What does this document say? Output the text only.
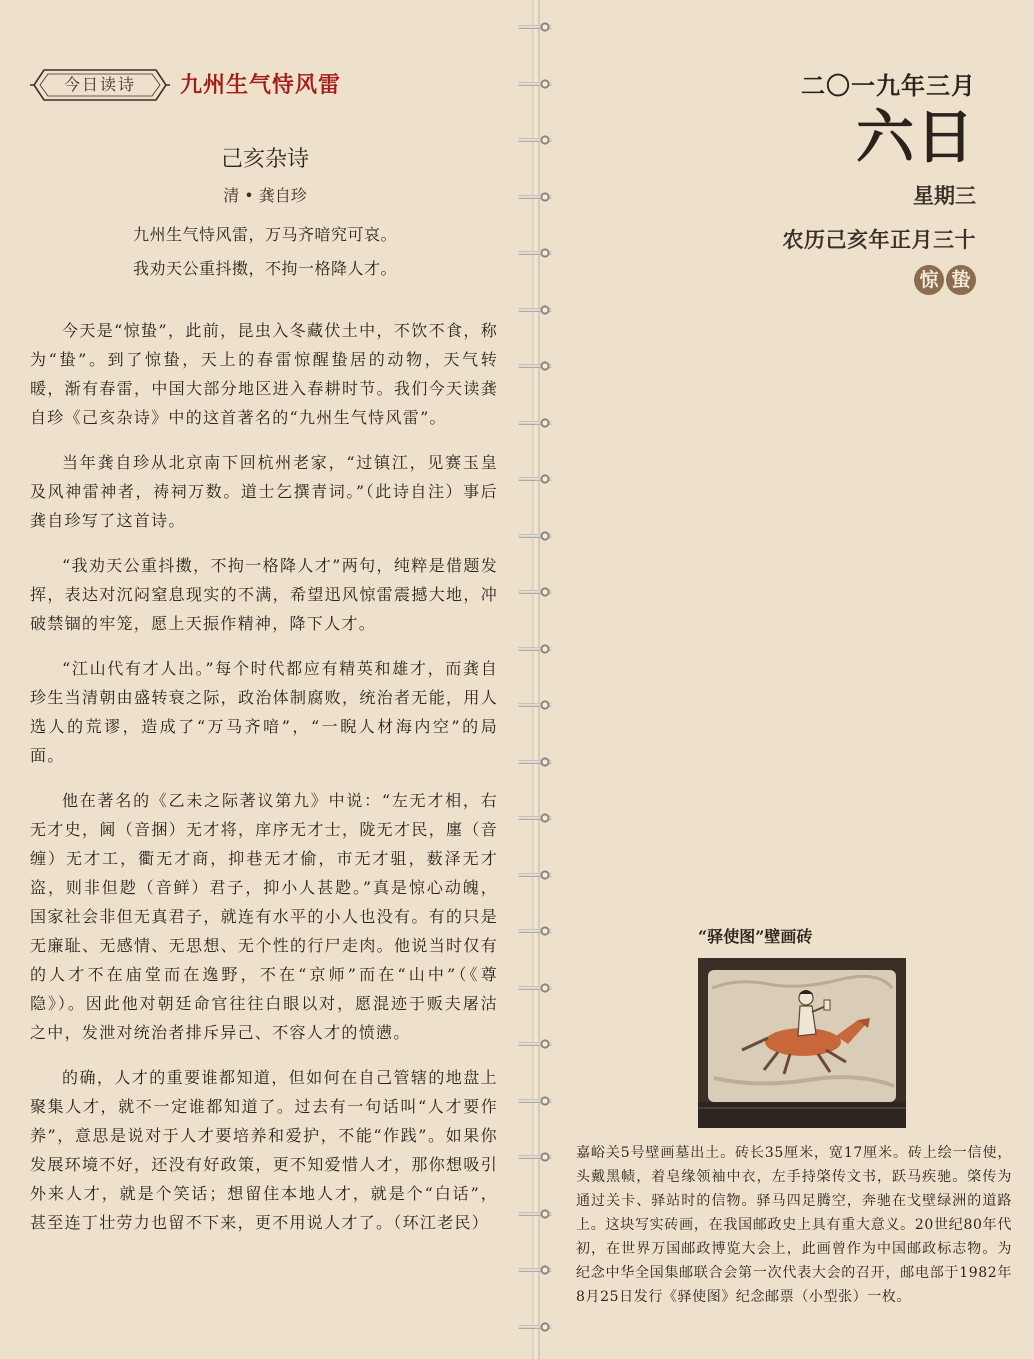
今日读诗	九州生气恃风雷
己亥杂诗
清 • 龚自珍
九州生气恃风雷，万马齐喑究可哀。
我劝天公重抖擞，不拘一格降人才。

今天是“惊蛰”，此前，昆虫入冬藏伏土中，不饮不食，称为“蛰”。到了惊蛰，天上的春雷惊醒蛰居的动物，天气转暖，渐有春雷，中国大部分地区进入春耕时节。我们今天读龚自珍《己亥杂诗》中的这首著名的“九州生气恃风雷”。

当年龚自珍从北京南下回杭州老家，“过镇江，见赛玉皇及风神雷神者，祷祠万数。道士乞撰青词。”（此诗自注）事后龚自珍写了这首诗。

“我劝天公重抖擞，不拘一格降人才”两句，纯粹是借题发挥，表达对沉闷窒息现实的不满，希望迅风惊雷震撼大地，冲破禁锢的牢笼，愿上天振作精神，降下人才。

“江山代有才人出。”每个时代都应有精英和雄才，而龚自珍生当清朝由盛转衰之际，政治体制腐败，统治者无能，用人选人的荒谬，造成了“万马齐喑”，“一睨人材海内空”的局面。

他在著名的《乙未之际著议第九》中说：“左无才相，右无才史，阃（音捆）无才将，庠序无才士，陇无才民，廛（音缠）无才工，衢无才商，抑巷无才偷，市无才驵，薮泽无才盗，则非但尟（音鲜）君子，抑小人甚尟。”真是惊心动魄，国家社会非但无真君子，就连有水平的小人也没有。有的只是无廉耻、无感情、无思想、无个性的行尸走肉。他说当时仅有的人才不在庙堂而在逸野，不在“京师”而在“山中”（《尊隐》）。因此他对朝廷命官往往白眼以对，愿混迹于贩夫屠沽之中，发泄对统治者排斥异己、不容人才的愤懑。

的确，人才的重要谁都知道，但如何在自己管辖的地盘上聚集人才，就不一定谁都知道了。过去有一句话叫“人才要作养”，意思是说对于人才要培养和爱护，不能“作践”。如果你发展环境不好，还没有好政策，更不知爱惜人才，那你想吸引外来人才，就是个笑话；想留住本地人才，就是个“白话”，甚至连丁壮劳力也留不下来，更不用说人才了。（环江老民）

二〇一九年三月
六日
星期三
农历己亥年正月三十
惊 蛰
“驿使图”壁画砖
嘉峪关5号壁画墓出土。砖长35厘米，宽17厘米。砖上绘一信使，头戴黑帻，着皂缘领袖中衣，左手持棨传文书，跃马疾驰。棨传为通过关卡、驿站时的信物。驿马四足腾空，奔驰在戈壁绿洲的道路上。这块写实砖画，在我国邮政史上具有重大意义。20世纪80年代初，在世界万国邮政博览大会上，此画曾作为中国邮政标志物。为纪念中华全国集邮联合会第一次代表大会的召开，邮电部于1982年8月25日发行《驿使图》纪念邮票（小型张）一枚。
